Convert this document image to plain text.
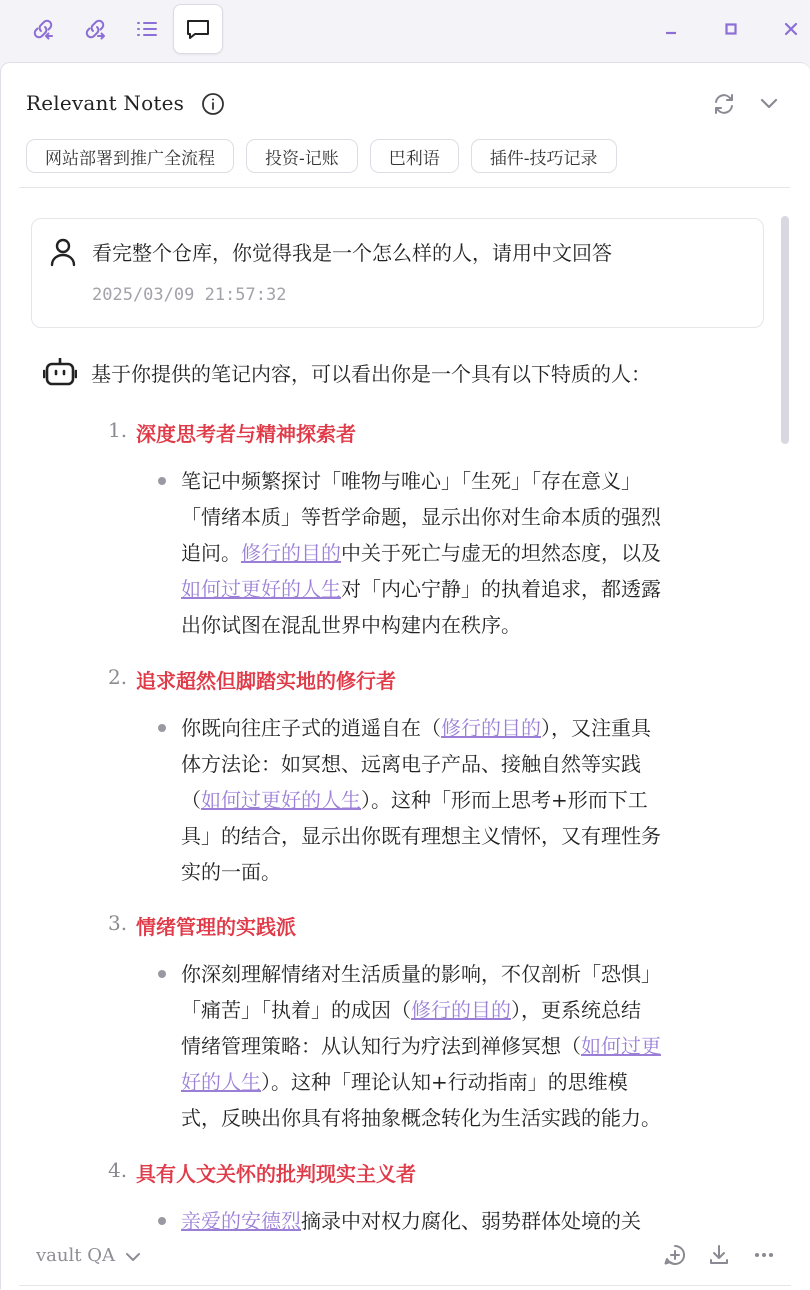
Relevant Notes
网站部署到推广全流程	投资-记账	巴利语	插件-技巧记录
看完整个仓库，你觉得我是一个怎么样的人，请用中文回答
2025/03/09 21:57:32
基于你提供的笔记内容，可以看出你是一个具有以下特质的人：
1. 深度思考者与精神探索者
笔记中频繁探讨「唯物与唯心」「生死」「存在意义」
「情绪本质」等哲学命题，显示出你对生命本质的强烈
追问。修行的目的中关于死亡与虚无的坦然态度，以及
如何过更好的人生对「内心宁静」的执着追求，都透露
出你试图在混乱世界中构建内在秩序。
2. 追求超然但脚踏实地的修行者
你既向往庄子式的逍遥自在（修行的目的），又注重具
体方法论：如冥想、远离电子产品、接触自然等实践
（如何过更好的人生）。这种「形而上思考+形而下工
具」的结合，显示出你既有理想主义情怀，又有理性务
实的一面。
3. 情绪管理的实践派
你深刻理解情绪对生活质量的影响，不仅剖析「恐惧」
「痛苦」「执着」的成因（修行的目的），更系统总结
情绪管理策略：从认知行为疗法到禅修冥想（如何过更
好的人生）。这种「理论认知+行动指南」的思维模
式，反映出你具有将抽象概念转化为生活实践的能力。
4. 具有人文关怀的批判现实主义者
亲爱的安德烈摘录中对权力腐化、弱势群体处境的关
vault QA
